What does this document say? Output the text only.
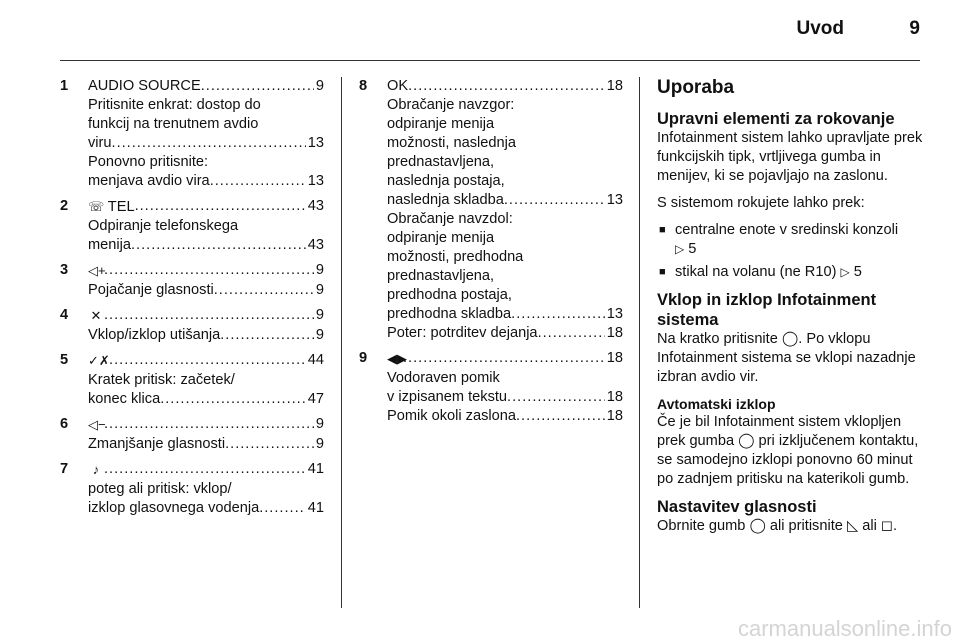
Uvod	9
1 AUDIO SOURCE .....	9
Pritisnite enkrat: dostop do
funkcij na trenutnem avdio
viru .....	13
Ponovno pritisnite:
menjava avdio vira .....	13
2 ☏ TEL .....	43
Odpiranje telefonskega
menija .....	43
3 ◁+ .....	9
Pojačanje glasnosti .....	9
4 ✕ .....	9
Vklop/izklop utišanja .....	9
5 ✓✗ .....	44
Kratek pritisk: začetek/
konec klica .....	47
6 ◁− .....	9
Zmanjšanje glasnosti .....	9
7	♪ .....	41
poteg ali pritisk: vklop/
izklop glasovnega vodenja .....	41
8 OK .....	18
Obračanje navzgor:
odpiranje menija
možnosti, naslednja
prednastavljena,
naslednja postaja,
naslednja skladba .....	13
Obračanje navzdol:
odpiranje menija
možnosti, predhodna
prednastavljena,
predhodna postaja,
predhodna skladba .....	13
Potег: potrditev dejanja .....	18
9 ◀▶ .....	18
Vodoraven pomik
v izpisanem tekstu .....	18
Pomik okoli zaslona .....	18
Uporaba
Upravni elementi za rokovanje

Infotainment sistem lahko upravljate prek funkcijskih tipk, vrtljivega gumba in menijev, ki se pojavljajo na zaslonu.

S sistemom rokujete lahko prek:

■ centralne enote v sredinski konzoli
▷ 5
■ stikal na volanu (ne R10) ▷ 5
Vklop in izklop Infotainment sistema

Na kratko pritisnite ◯. Po vklopu Infotainment sistema se vklopi nazadnje izbran avdio vir.

Avtomatski izklop

Če je bil Infotainment sistem vklopljen prek gumba ◯ pri izključenem kontaktu, se samodejno izklopi ponovno 60 minut po zadnjem pritisku na katerikoli gumb.

Nastavitev glasnosti

Obrnite gumb ◯ ali pritisnite ◺ ali ◻.

carmanualsonline.info
